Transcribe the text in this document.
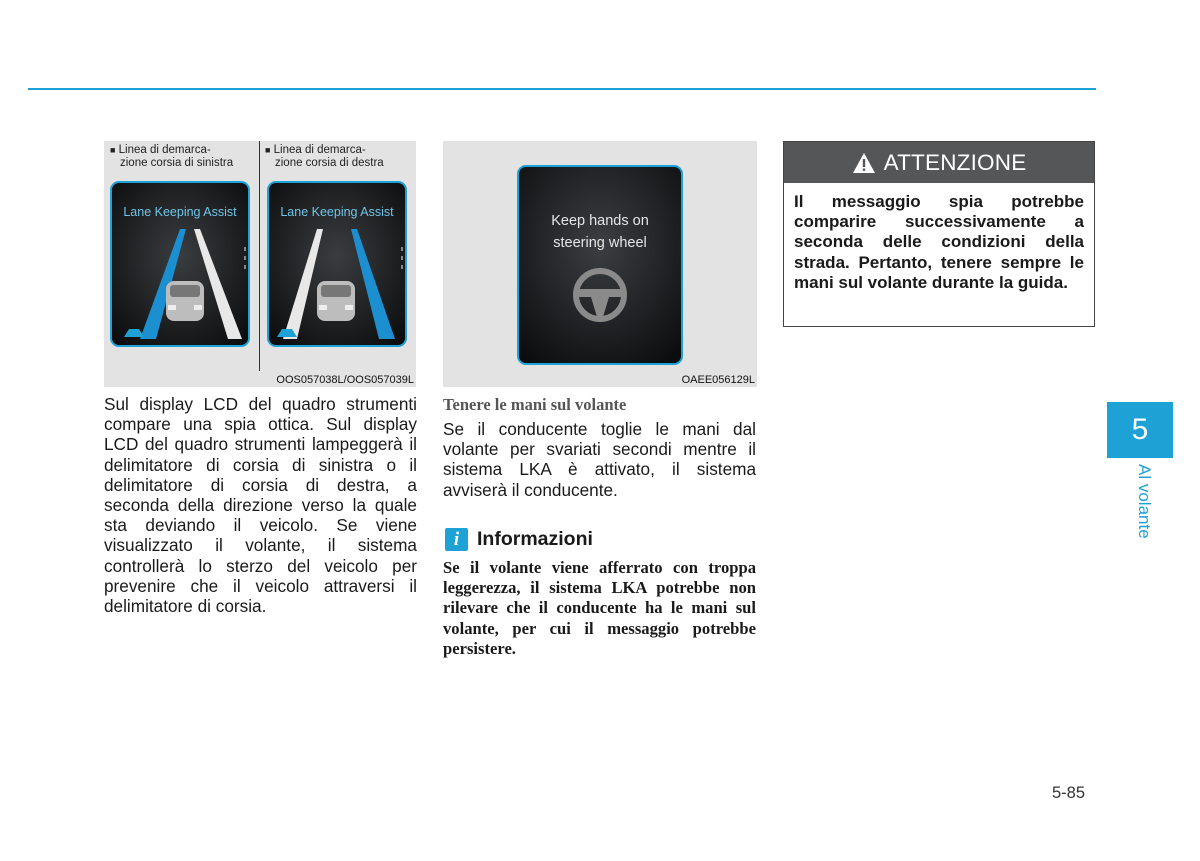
■ Linea di demarca-
zione corsia di sinistra
■ Linea di demarca-
zione corsia di destra
Lane Keeping Assist	Lane Keeping Assist
OOS057038L/OOS057039L
Sul display LCD del quadro strumenti compare una spia ottica. Sul display LCD del quadro strumenti lampeggerà il delimitatore di corsia di sinistra o il delimitatore di corsia di destra, a seconda della direzione verso la quale sta deviando il veicolo. Se viene visualizzato il volante, il sistema controllerà lo sterzo del veicolo per prevenire che il veicolo attraversi il delimitatore di corsia.
Keep hands on
steering wheel
OAEE056129L
Tenere le mani sul volante
Se il conducente toglie le mani dal volante per svariati secondi mentre il sistema LKA è attivato, il sistema avviserà il conducente.
i Informazioni
Se il volante viene afferrato con troppa leggerezza, il sistema LKA potrebbe non rilevare che il conducente ha le mani sul volante, per cui il messaggio potrebbe persistere.
ATTENZIONE
Il messaggio spia potrebbe comparire successivamente a seconda delle condizioni della strada. Pertanto, tenere sempre le mani sul volante durante la guida.
5
Al volante
5-85
